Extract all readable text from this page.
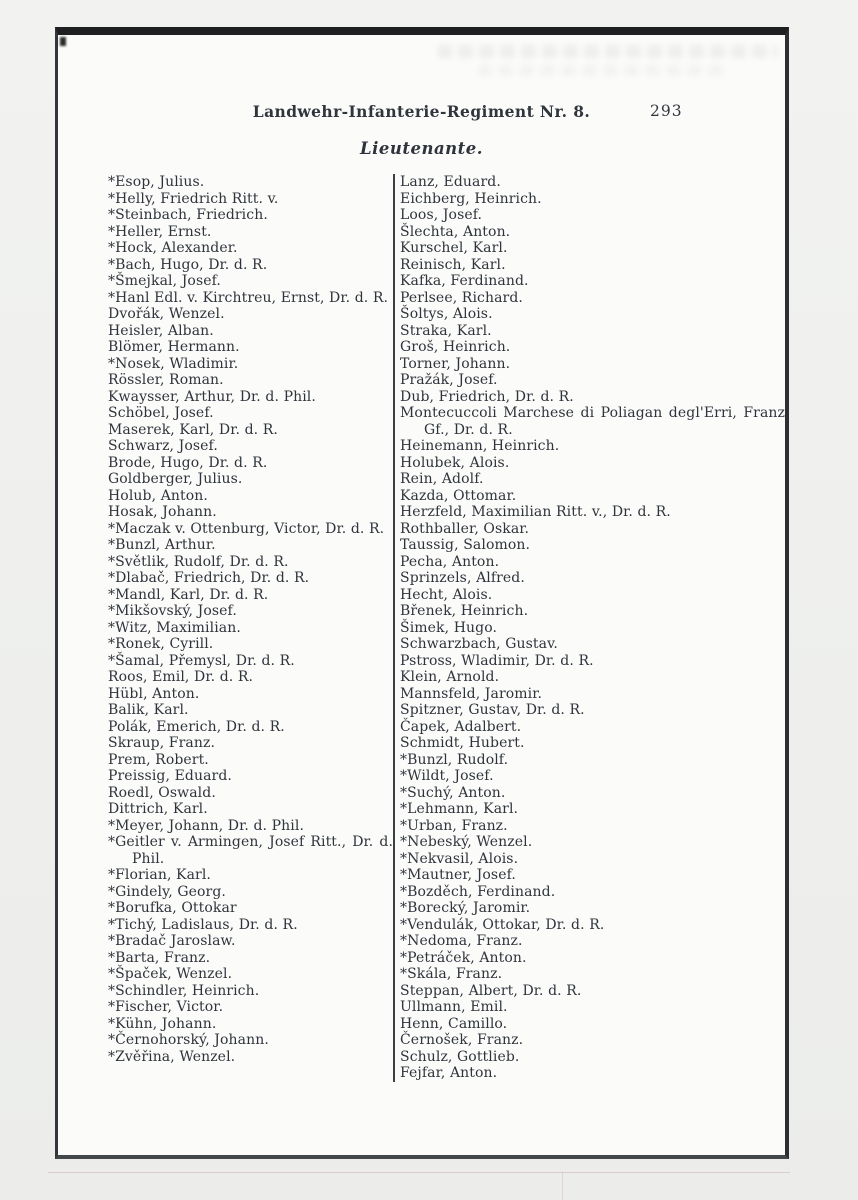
Landwehr-Infanterie-Regiment Nr. 8.	293
Lieutenante.
*Esop, Julius.
*Helly, Friedrich Ritt. v.
*Steinbach, Friedrich.
*Heller, Ernst.
*Hock, Alexander.
*Bach, Hugo, Dr. d. R.
*Šmejkal, Josef.
*Hanl Edl. v. Kirchtreu, Ernst, Dr. d. R.
Dvořák, Wenzel.
Heisler, Alban.
Blömer, Hermann.
*Nosek, Wladimir.
Rössler, Roman.
Kwaysser, Arthur, Dr. d. Phil.
Schöbel, Josef.
Maserek, Karl, Dr. d. R.
Schwarz, Josef.
Brode, Hugo, Dr. d. R.
Goldberger, Julius.
Holub, Anton.
Hosak, Johann.
*Maczak v. Ottenburg, Victor, Dr. d. R.
*Bunzl, Arthur.
*Světlik, Rudolf, Dr. d. R.
*Dlabač, Friedrich, Dr. d. R.
*Mandl, Karl, Dr. d. R.
*Mikšovský, Josef.
*Witz, Maximilian.
*Ronek, Cyrill.
*Šamal, Přemysl, Dr. d. R.
Roos, Emil, Dr. d. R.
Hübl, Anton.
Balik, Karl.
Polák, Emerich, Dr. d. R.
Skraup, Franz.
Prem, Robert.
Preissig, Eduard.
Roedl, Oswald.
Dittrich, Karl.
*Meyer, Johann, Dr. d. Phil.
*Geitler v. Armingen, Josef Ritt., Dr. d. Phil.
*Florian, Karl.
*Gindely, Georg.
*Borufka, Ottokar
*Tichý, Ladislaus, Dr. d. R.
*Bradač Jaroslaw.
*Barta, Franz.
*Špaček, Wenzel.
*Schindler, Heinrich.
*Fischer, Victor.
*Kühn, Johann.
*Černohorský, Johann.
*Zvěřina, Wenzel.
Lanz, Eduard.
Eichberg, Heinrich.
Loos, Josef.
Šlechta, Anton.
Kurschel, Karl.
Reinisch, Karl.
Kafka, Ferdinand.
Perlsee, Richard.
Šoltys, Alois.
Straka, Karl.
Groš, Heinrich.
Torner, Johann.
Pražák, Josef.
Dub, Friedrich, Dr. d. R.
Montecuccoli Marchese di Poliagan degl'Erri, Franz Gf., Dr. d. R.
Heinemann, Heinrich.
Holubek, Alois.
Rein, Adolf.
Kazda, Ottomar.
Herzfeld, Maximilian Ritt. v., Dr. d. R.
Rothballer, Oskar.
Taussig, Salomon.
Pecha, Anton.
Sprinzels, Alfred.
Hecht, Alois.
Břenek, Heinrich.
Šimek, Hugo.
Schwarzbach, Gustav.
Pstross, Wladimir, Dr. d. R.
Klein, Arnold.
Mannsfeld, Jaromir.
Spitzner, Gustav, Dr. d. R.
Čapek, Adalbert.
Schmidt, Hubert.
*Bunzl, Rudolf.
*Wildt, Josef.
*Suchý, Anton.
*Lehmann, Karl.
*Urban, Franz.
*Nebeský, Wenzel.
*Nekvasil, Alois.
*Mautner, Josef.
*Bozděch, Ferdinand.
*Borecký, Jaromir.
*Vendulák, Ottokar, Dr. d. R.
*Nedoma, Franz.
*Petráček, Anton.
*Skála, Franz.
Steppan, Albert, Dr. d. R.
Ullmann, Emil.
Henn, Camillo.
Černošek, Franz.
Schulz, Gottlieb.
Fejfar, Anton.
